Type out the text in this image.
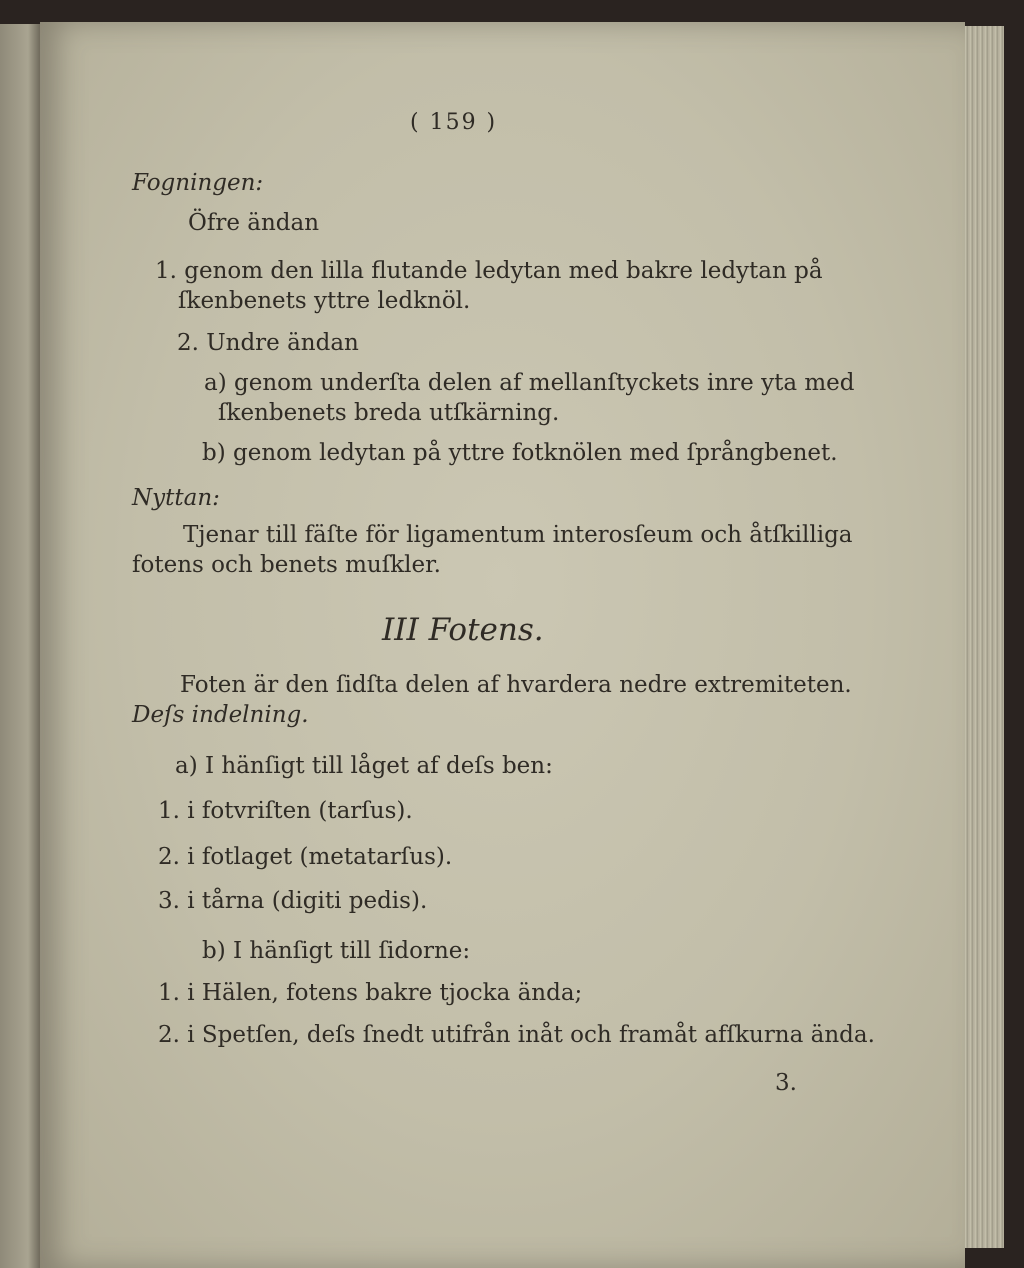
( 159 )
Fogningen:
Öfre ändan
1. genom den lilla flutande ledytan med bakre ledytan på
ſkenbenets yttre ledknöl.
2. Undre ändan
a) genom underſta delen af mellanſtyckets inre yta med
ſkenbenets breda utſkärning.
b) genom ledytan på yttre fotknölen med ſprångbenet.
Nyttan:
Tjenar till fäſte för ligamentum interosſeum och åtſkilliga
fotens och benets muſkler.
III Fotens.
Foten är den ſidſta delen af hvardera nedre extremiteten.
Deſs indelning.
a) I hänſigt till låget af deſs ben:
1. i fotvriſten (tarſus).
2. i fotlaget (metatarſus).
3. i tårna (digiti pedis).
b) I hänſigt till ſidorne:
1. i Hälen, fotens bakre tjocka ända;
2. i Spetſen, deſs ſnedt utifrån inåt och framåt afſkurna ända.
3.
